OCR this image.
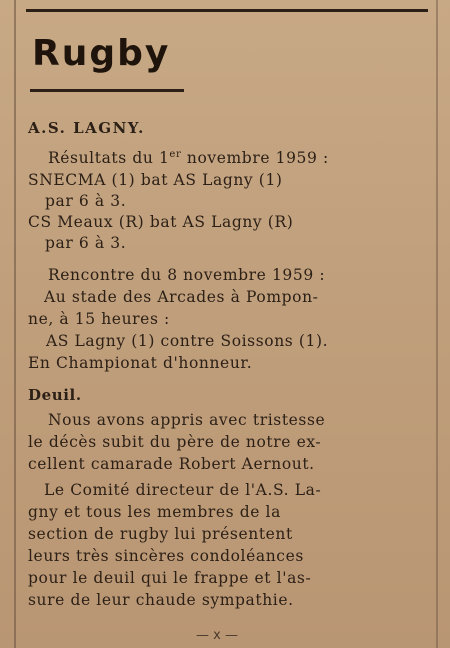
Rugby

A.S. LAGNY.

Résultats du 1er novembre 1959 :

SNECMA (1) bat AS Lagny (1)

par 6 à 3.

CS Meaux (R) bat AS Lagny (R)

par 6 à 3.

Rencontre du 8 novembre 1959 :

Au stade des Arcades à Pompon-

ne, à 15 heures :

AS Lagny (1) contre Soissons (1).

En Championat d'honneur.

Deuil.

Nous avons appris avec tristesse

le décès subit du père de notre ex-

cellent camarade Robert Aernout.

Le Comité directeur de l'A.S. La-

gny et tous les membres de la

section de rugby lui présentent

leurs très sincères condoléances

pour le deuil qui le frappe et l'as-

sure de leur chaude sympathie.

— x —
